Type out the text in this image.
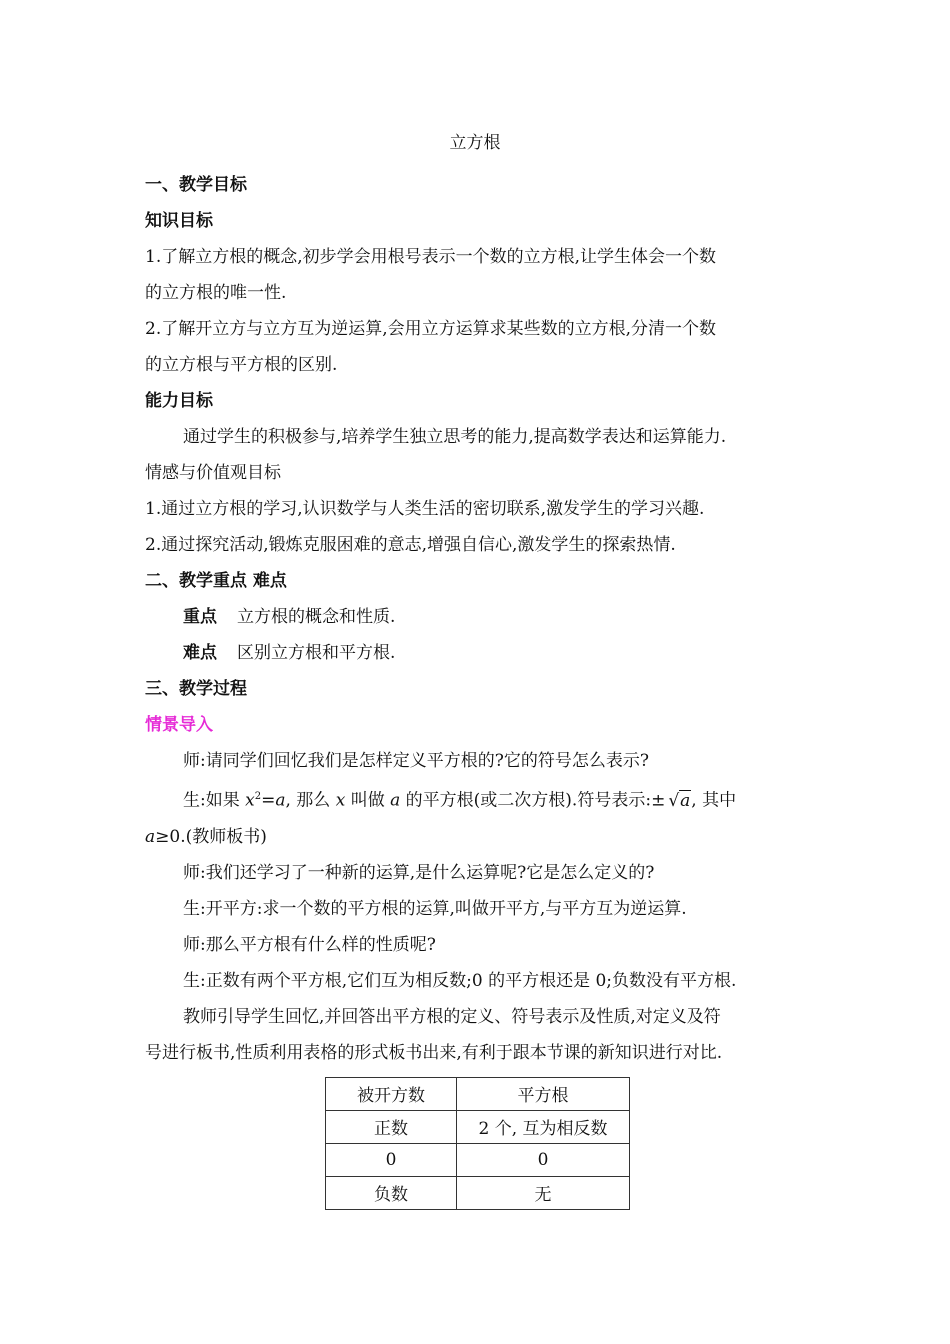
立方根
一、教学目标
知识目标
1.了解立方根的概念,初步学会用根号表示一个数的立方根,让学生体会一个数
的立方根的唯一性.
2.了解开立方与立方互为逆运算,会用立方运算求某些数的立方根,分清一个数
的立方根与平方根的区别.
能力目标
通过学生的积极参与,培养学生独立思考的能力,提高数学表达和运算能力.
情感与价值观目标
1.通过立方根的学习,认识数学与人类生活的密切联系,激发学生的学习兴趣.
2.通过探究活动,锻炼克服困难的意志,增强自信心,激发学生的探索热情.
二、教学重点 难点
重点 立方根的概念和性质.
难点 区别立方根和平方根.
三、教学过程
情景导入
师:请同学们回忆我们是怎样定义平方根的?它的符号怎么表示?
生:如果 $x^2=a$, 那么 x 叫做 a 的平方根(或二次方根).符号表示:± √a, 其中
a≥0.(教师板书)
师:我们还学习了一种新的运算,是什么运算呢?它是怎么定义的?
生:开平方:求一个数的平方根的运算,叫做开平方,与平方互为逆运算.
师:那么平方根有什么样的性质呢?
生:正数有两个平方根,它们互为相反数;0 的平方根还是 0;负数没有平方根.
教师引导学生回忆,并回答出平方根的定义、符号表示及性质,对定义及符
号进行板书,性质利用表格的形式板书出来,有利于跟本节课的新知识进行对比.
被开方数	平方根
正数	2 个, 互为相反数
0	0
负数	无
